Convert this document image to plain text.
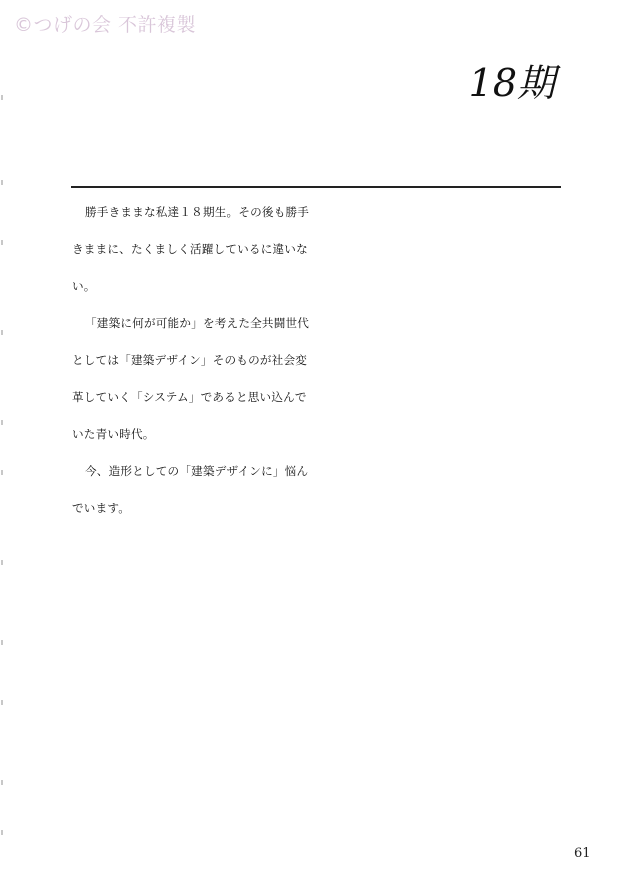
©つげの会 不許複製
18期
勝手きままな私達１８期生。その後も勝手
きままに、たくましく活躍しているに違いな
い。
「建築に何が可能か」を考えた全共闘世代
としては「建築デザイン」そのものが社会変
革していく「システム」であると思い込んで
いた青い時代。
今、造形としての「建築デザインに」悩ん
でいます。
61
